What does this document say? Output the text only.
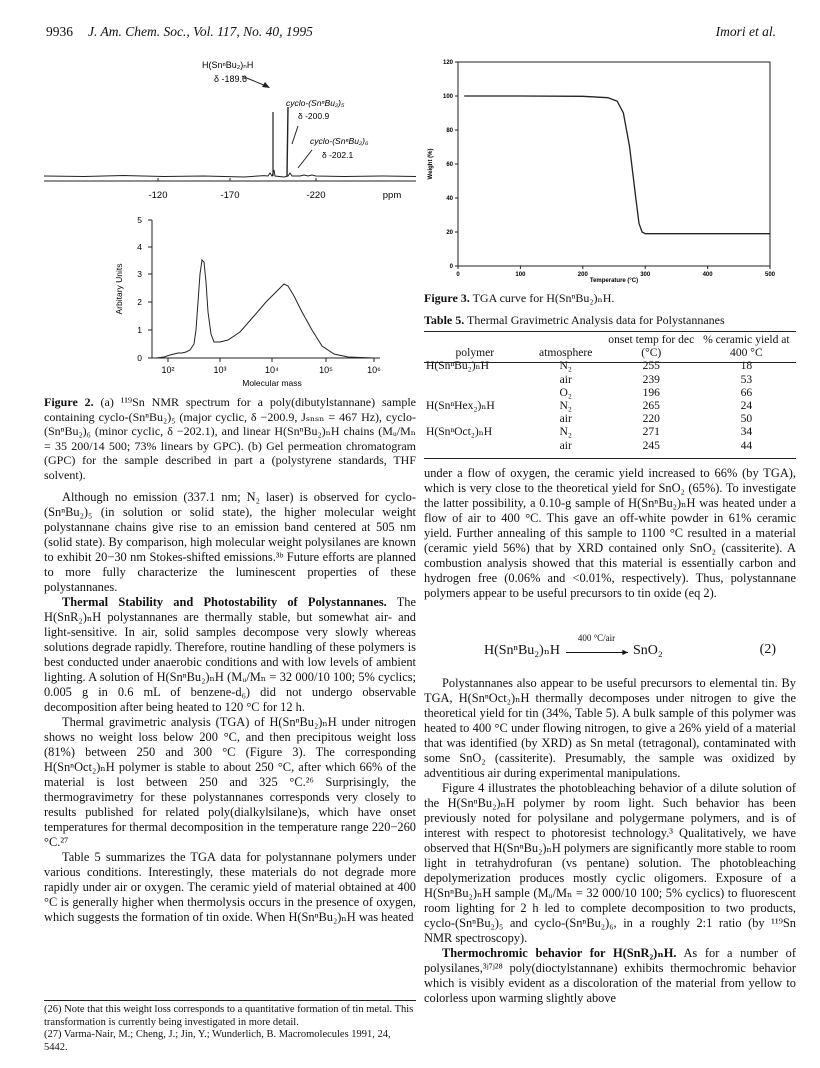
9936 J. Am. Chem. Soc., Vol. 117, No. 40, 1995	Imori et al.
-120	-170	-220	ppm
H(SnⁿBu₂)ₙH
δ -189.6
cyclo-(SnⁿBu₂)₅
δ -200.9
cyclo-(SnⁿBu₂)₆
δ -202.1
0
1
2
3
4
5
Arbitary Units
10²	10³	10⁴	10⁵	10⁶
Molecular mass
Figure 2. (a) ¹¹⁹Sn NMR spectrum for a poly(dibutylstannane) sample containing cyclo-(SnⁿBu₂)₅ (major cyclic, δ −200.9, Jₛₙₛₙ = 467 Hz), cyclo-(SnⁿBu₂)₆ (minor cyclic, δ −202.1), and linear H(SnⁿBu₂)ₙH chains (Mᵤ/Mₙ = 35 200/14 500; 73% linears by GPC). (b) Gel permeation chromatogram (GPC) for the sample described in part a (polystyrene standards, THF solvent).

Although no emission (337.1 nm; N₂ laser) is observed for cyclo-(SnⁿBu₂)₅ (in solution or solid state), the higher molecular weight polystannane chains give rise to an emission band centered at 505 nm (solid state). By comparison, high molecular weight polysilanes are known to exhibit 20−30 nm Stokes-shifted emissions.³ᵇ Future efforts are planned to more fully characterize the luminescent properties of these polystannanes.

Thermal Stability and Photostability of Polystannanes. The H(SnR₂)ₙH polystannanes are thermally stable, but somewhat air- and light-sensitive. In air, solid samples decompose very slowly whereas solutions degrade rapidly. Therefore, routine handling of these polymers is best conducted under anaerobic conditions and with low levels of ambient lighting. A solution of H(SnⁿBu₂)ₙH (Mᵤ/Mₙ = 32 000/10 100; 5% cyclics; 0.005 g in 0.6 mL of benzene-d₆) did not undergo observable decomposition after being heated to 120 °C for 12 h.

Thermal gravimetric analysis (TGA) of H(SnⁿBu₂)ₙH under nitrogen shows no weight loss below 200 °C, and then precipitous weight loss (81%) between 250 and 300 °C (Figure 3). The corresponding H(SnⁿOct₂)ₙH polymer is stable to about 250 °C, after which 66% of the material is lost between 250 and 325 °C.²⁶ Surprisingly, the thermogravimetry for these polystannanes corresponds very closely to results published for related poly(dialkylsilane)s, which have onset temperatures for thermal decomposition in the temperature range 220−260 °C.²⁷

Table 5 summarizes the TGA data for polystannane polymers under various conditions. Interestingly, these materials do not degrade more rapidly under air or oxygen. The ceramic yield of material obtained at 400 °C is generally higher when thermolysis occurs in the presence of oxygen, which suggests the formation of tin oxide. When H(SnⁿBu₂)ₙH was heated

(26) Note that this weight loss corresponds to a quantitative formation of tin metal. This transformation is currently being investigated in more detail.

(27) Varma-Nair, M.; Cheng, J.; Jin, Y.; Wunderlich, B. Macromolecules 1991, 24, 5442.

0
20
40
60
80
100
120
0	100	200	300	400	500
Weight (%)
Temperature (°C)
Figure 3. TGA curve for H(SnⁿBu₂)ₙH.
Table 5. Thermal Gravimetric Analysis data for Polystannanes
polymer	atmosphere	onset temp for dec (°C)	% ceramic yield at 400 °C
H(SnⁿBu₂)ₙH	N₂	255	18
	air	239	53
	O₂	196	66
H(SnⁿHex₂)ₙH	N₂	265	24
	air	220	50
H(SnⁿOct₂)ₙH	N₂	271	34
	air	245	44

under a flow of oxygen, the ceramic yield increased to 66% (by TGA), which is very close to the theoretical yield for SnO₂ (65%). To investigate the latter possibility, a 0.10-g sample of H(SnⁿBu₂)ₙH was heated under a flow of air to 400 °C. This gave an off-white powder in 61% ceramic yield. Further annealing of this sample to 1100 °C resulted in a material (ceramic yield 56%) that by XRD contained only SnO₂ (cassiterite). A combustion analysis showed that this material is essentially carbon and hydrogen free (0.06% and <0.01%, respectively). Thus, polystannane polymers appear to be useful precursors to tin oxide (eq 2).

H(SnⁿBu₂)ₙH
400 °C/air
► SnO₂	(2)

Polystannanes also appear to be useful precursors to elemental tin. By TGA, H(SnⁿOct₂)ₙH thermally decomposes under nitrogen to give the theoretical yield for tin (34%, Table 5). A bulk sample of this polymer was heated to 400 °C under flowing nitrogen, to give a 26% yield of a material that was identified (by XRD) as Sn metal (tetragonal), contaminated with some SnO₂ (cassiterite). Presumably, the sample was oxidized by adventitious air during experimental manipulations.

Figure 4 illustrates the photobleaching behavior of a dilute solution of the H(SnⁿBu₂)ₙH polymer by room light. Such behavior has been previously noted for polysilane and polygermane polymers, and is of interest with respect to photoresist technology.³ Qualitatively, we have observed that H(SnⁿBu₂)ₙH polymers are significantly more stable to room light in tetrahydrofuran (vs pentane) solution. The photobleaching depolymerization produces mostly cyclic oligomers. Exposure of a H(SnⁿBu₂)ₙH sample (Mᵤ/Mₙ = 32 000/10 100; 5% cyclics) to fluorescent room lighting for 2 h led to complete decomposition to two products, cyclo-(SnⁿBu₂)₅ and cyclo-(SnⁿBu₂)₆, in a roughly 2:1 ratio (by ¹¹⁹Sn NMR spectroscopy).

Thermochromic behavior for H(SnR₂)ₙH. As for a number of polysilanes,³ʲ⁷ʲ²⁸ poly(dioctylstannane) exhibits thermochromic behavior which is visibly evident as a discoloration of the material from yellow to colorless upon warming slightly above
